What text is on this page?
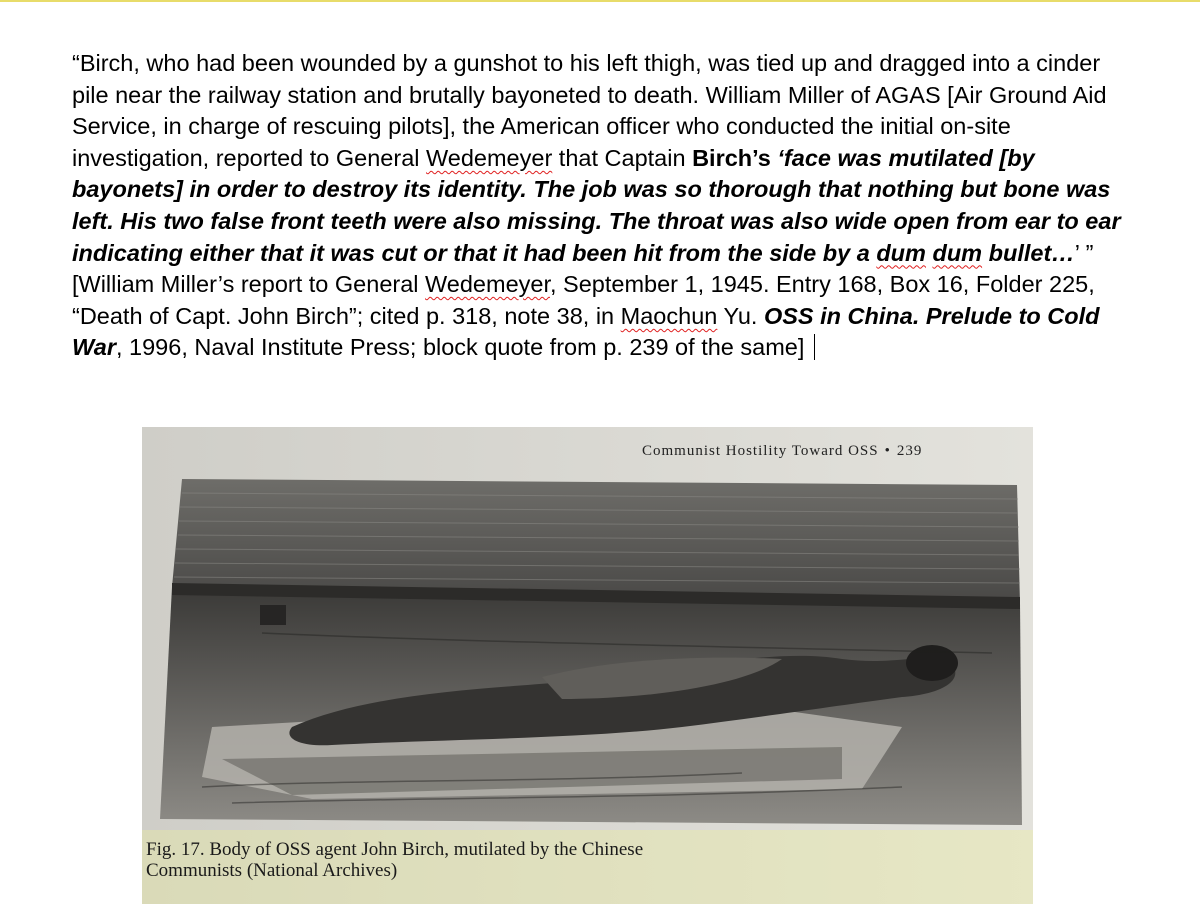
“Birch, who had been wounded by a gunshot to his left thigh, was tied up and dragged into a cinder pile near the railway station and brutally bayoneted to death. William Miller of AGAS [Air Ground Aid Service, in charge of rescuing pilots], the American officer who conducted the initial on-site investigation, reported to General Wedemeyer that Captain Birch’s ‘face was mutilated [by bayonets] in order to destroy its identity. The job was so thorough that nothing but bone was left. His two false front teeth were also missing. The throat was also wide open from ear to ear indicating either that it was cut or that it had been hit from the side by a dum dum bullet…’ ” [William Miller’s report to General Wedemeyer, September 1, 1945. Entry 168, Box 16, Folder 225, “Death of Capt. John Birch”; cited p. 318, note 38, in Maochun Yu. OSS in China. Prelude to Cold War, 1996, Naval Institute Press; block quote from p. 239 of the same]
Communist Hostility Toward OSS • 239
Fig. 17. Body of OSS agent John Birch, mutilated by the Chinese
Communists (National Archives)
